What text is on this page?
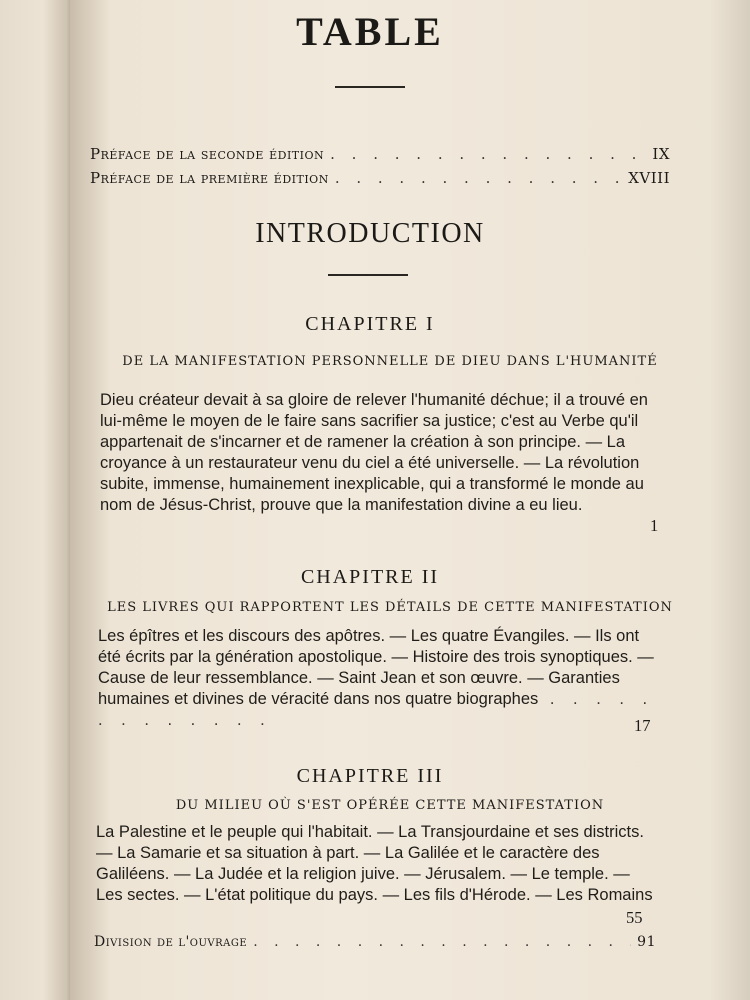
TABLE
Préface de la seconde édition . . .	IX
Préface de la première édition . . .	XVIII
INTRODUCTION
CHAPITRE I
DE LA MANIFESTATION PERSONNELLE DE DIEU DANS L'HUMANITÉ
Dieu créateur devait à sa gloire de relever l'humanité déchue; il a trouvé en lui-même le moyen de le faire sans sacrifier sa justice; c'est au Verbe qu'il appartenait de s'incarner et de ramener la création à son principe. — La croyance à un restaurateur venu du ciel a été universelle. — La révolution subite, immense, humainement inexplicable, qui a transformé le monde au nom de Jésus-Christ, prouve que la manifestation divine a eu lieu.
1
CHAPITRE II
LES LIVRES QUI RAPPORTENT LES DÉTAILS DE CETTE MANIFESTATION
Les épîtres et les discours des apôtres. — Les quatre Évangiles. — Ils ont été écrits par la génération apostolique. — Histoire des trois synoptiques. — Cause de leur ressemblance. — Saint Jean et son œuvre. — Garanties humaines et divines de véracité dans nos quatre biographes . . . . . . . . . . . . .	17
CHAPITRE III
DU MILIEU OÙ S'EST OPÉRÉE CETTE MANIFESTATION
La Palestine et le peuple qui l'habitait. — La Transjourdaine et ses districts. — La Samarie et sa situation à part. — La Galilée et le caractère des Galiléens. — La Judée et la religion juive. — Jérusalem. — Le temple. — Les sectes. — L'état politique du pays. — Les fils d'Hérode. — Les Romains
55
Division de l'ouvrage . . .	91
